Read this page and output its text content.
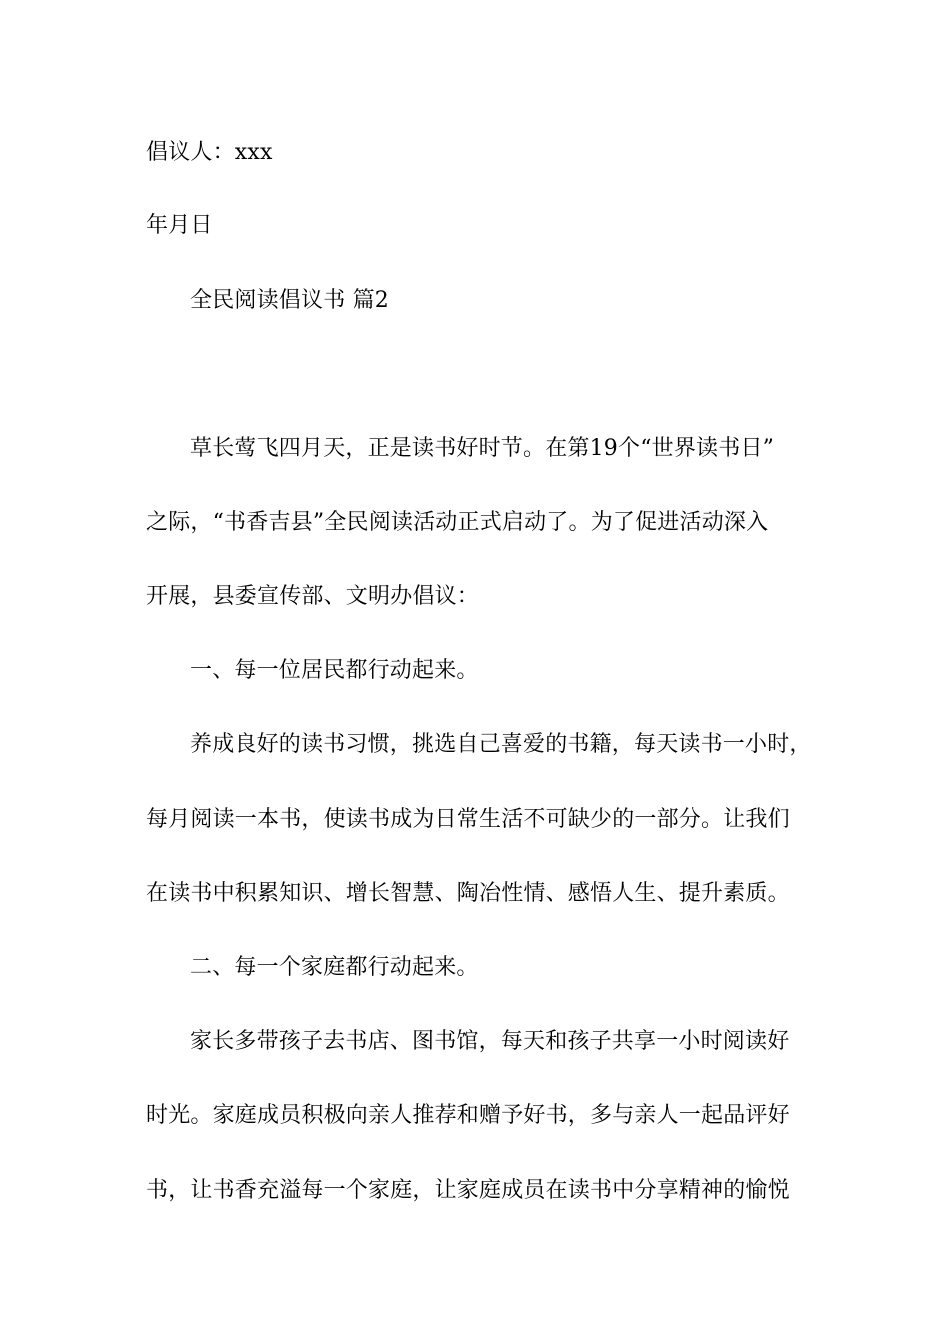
倡议人：xxx
年月日
全民阅读倡议书 篇2
草长莺飞四月天，正是读书好时节。在第19个“世界读书日”
之际，“书香吉县”全民阅读活动正式启动了。为了促进活动深入
开展，县委宣传部、文明办倡议：
一、每一位居民都行动起来。
养成良好的读书习惯，挑选自己喜爱的书籍，每天读书一小时，
每月阅读一本书，使读书成为日常生活不可缺少的一部分。让我们
在读书中积累知识、增长智慧、陶冶性情、感悟人生、提升素质。
二、每一个家庭都行动起来。
家长多带孩子去书店、图书馆，每天和孩子共享一小时阅读好
时光。家庭成员积极向亲人推荐和赠予好书，多与亲人一起品评好
书，让书香充溢每一个家庭，让家庭成员在读书中分享精神的愉悦
